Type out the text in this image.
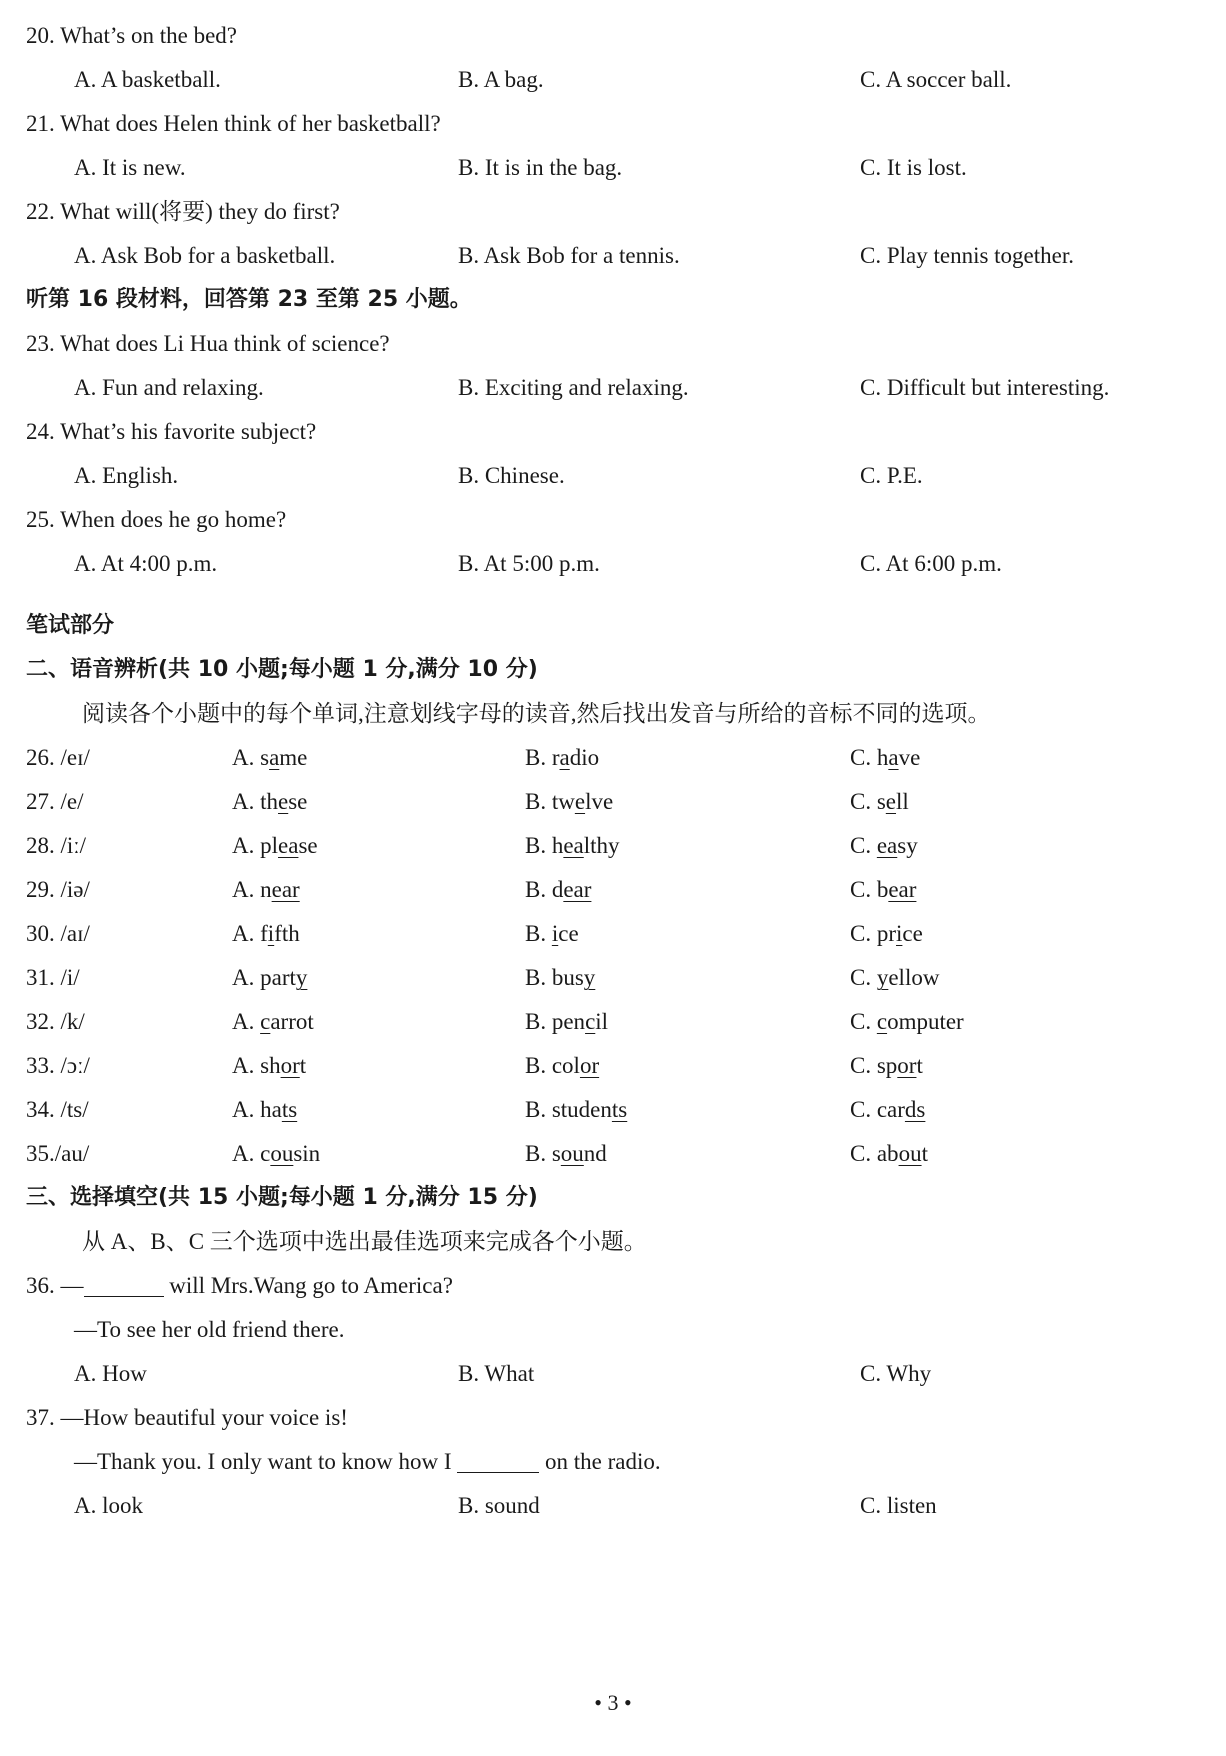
20. What’s on the bed?
A. A basketball.	B. A bag.	C. A soccer ball.
21. What does Helen think of her basketball?
A. It is new.	B. It is in the bag.	C. It is lost.
22. What will(将要) they do first?
A. Ask Bob for a basketball.	B. Ask Bob for a tennis.	C. Play tennis together.
听第 16 段材料，回答第 23 至第 25 小题。
23. What does Li Hua think of science?
A. Fun and relaxing.	B. Exciting and relaxing.	C. Difficult but interesting.
24. What’s his favorite subject?
A. English.	B. Chinese.	C. P.E.
25. When does he go home?
A. At 4:00 p.m.	B. At 5:00 p.m.	C. At 6:00 p.m.
笔试部分
二、语音辨析(共 10 小题;每小题 1 分,满分 10 分)
阅读各个小题中的每个单词,注意划线字母的读音,然后找出发音与所给的音标不同的选项。
26. /eɪ/	A. same	B. radio	C. have
27. /e/	A. these	B. twelve	C. sell
28. /iː/	A. please	B. healthy	C. easy
29. /iə/	A. near	B. dear	C. bear
30. /aɪ/	A. fifth	B. ice	C. price
31. /i/	A. party	B. busy	C. yellow
32. /k/	A. carrot	B. pencil	C. computer
33. /ɔː/	A. short	B. color	C. sport
34. /ts/	A. hats	B. students	C. cards
35./au/	A. cousin	B. sound	C. about
三、选择填空(共 15 小题;每小题 1 分,满分 15 分)
从 A、B、C 三个选项中选出最佳选项来完成各个小题。
36. —	will Mrs.Wang go to America?
—To see her old friend there.
A. How	B. What	C. Why
37. —How beautiful your voice is!
—Thank you. I only want to know how I	on the radio.
A. look	B. sound	C. listen
• 3 •
